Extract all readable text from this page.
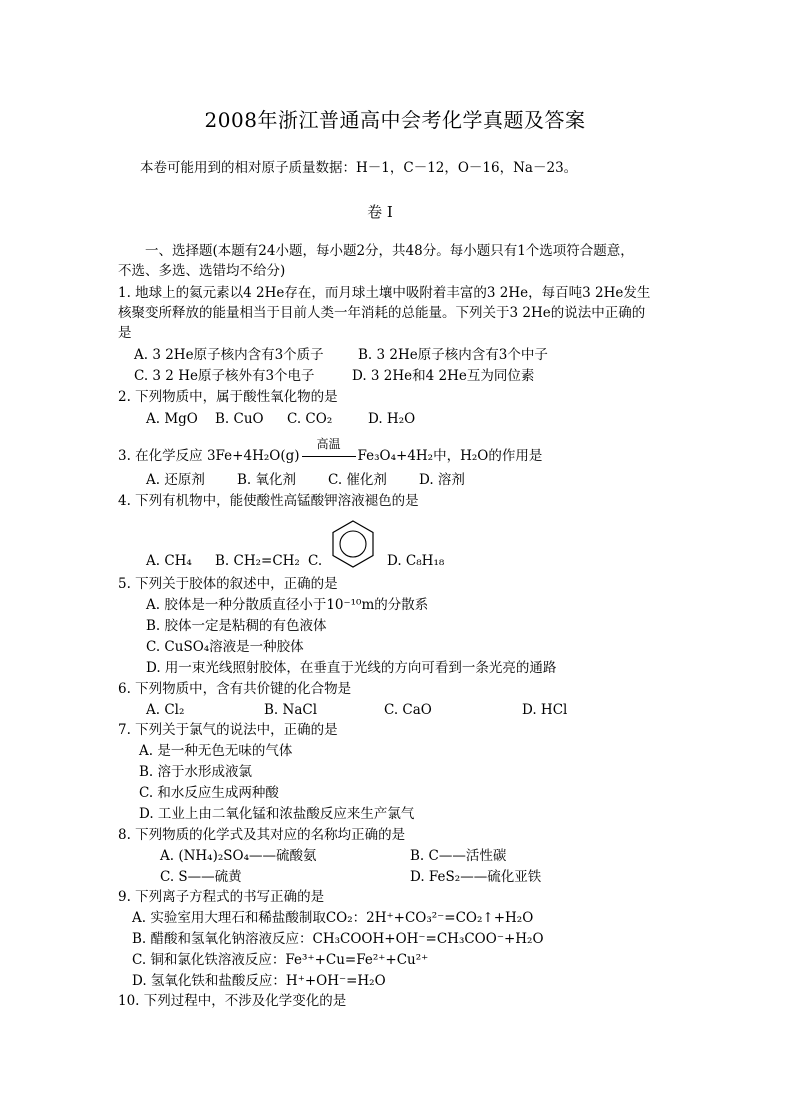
2008年浙江普通高中会考化学真题及答案
本卷可能用到的相对原子质量数据：H－1，C－12，O－16，Na－23。
卷 Ⅰ
一、选择题(本题有24小题，每小题2分，共48分。每小题只有1个选项符合题意，
不选、多选、选错均不给分)
1. 地球上的氦元素以4 2He存在，而月球土壤中吸附着丰富的3 2He，每百吨3 2He发生
核聚变所释放的能量相当于目前人类一年消耗的总能量。下列关于3 2He的说法中正确的
是
A. 3 2He原子核内含有3个质子	B. 3 2He原子核内含有3个中子
C. 3 2 He原子核外有3个电子	D. 3 2He和4 2He互为同位素
2. 下列物质中，属于酸性氧化物的是
A. MgO B. CuO C. CO₂	D. H₂O
3. 在化学反应 3Fe+4H₂O(g)
高温
Fe₃O₄+4H₂中，H₂O的作用是
A. 还原剂 B. 氧化剂 C. 催化剂 D. 溶剂
4. 下列有机物中，能使酸性高锰酸钾溶液褪色的是
A. CH₄ B. CH₂=CH₂ C.	D. C₈H₁₈
5. 下列关于胶体的叙述中，正确的是
A. 胶体是一种分散质直径小于10⁻¹⁰m的分散系
B. 胶体一定是粘稠的有色液体
C. CuSO₄溶液是一种胶体
D. 用一束光线照射胶体，在垂直于光线的方向可看到一条光亮的通路
6. 下列物质中，含有共价键的化合物是
A. Cl₂	B. NaCl	C. CaO	D. HCl
7. 下列关于氯气的说法中，正确的是
A. 是一种无色无味的气体
B. 溶于水形成液氯
C. 和水反应生成两种酸
D. 工业上由二氧化锰和浓盐酸反应来生产氯气
8. 下列物质的化学式及其对应的名称均正确的是
A. (NH₄)₂SO₄——硫酸氨	B. C——活性碳
C. S——硫黄	D. FeS₂——硫化亚铁
9. 下列离子方程式的书写正确的是
A. 实验室用大理石和稀盐酸制取CO₂：2H⁺+CO₃²⁻=CO₂↑+H₂O
B. 醋酸和氢氧化钠溶液反应：CH₃COOH+OH⁻=CH₃COO⁻+H₂O
C. 铜和氯化铁溶液反应：Fe³⁺+Cu=Fe²⁺+Cu²⁺
D. 氢氧化铁和盐酸反应：H⁺+OH⁻=H₂O
10. 下列过程中，不涉及化学变化的是
